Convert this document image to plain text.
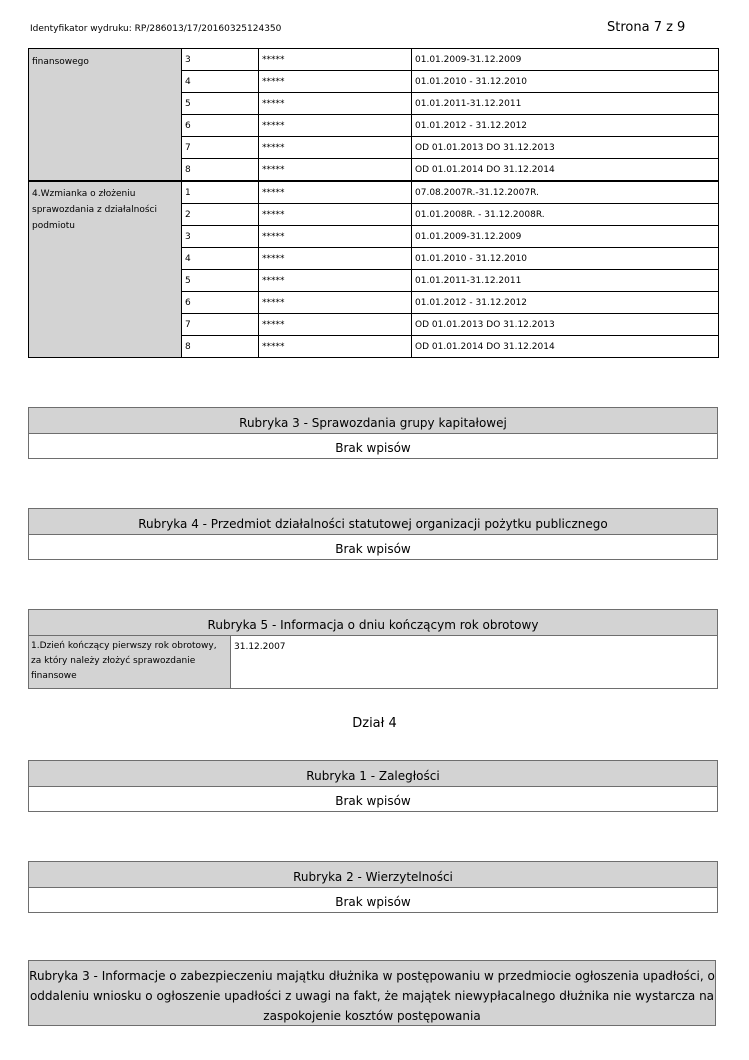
Identyfikator wydruku: RP/286013/17/20160325124350	Strona 7 z 9
finansowego	3	*****	01.01.2009-31.12.2009
	4	*****	01.01.2010 - 31.12.2010
	5	*****	01.01.2011-31.12.2011
	6	*****	01.01.2012 - 31.12.2012
	7	*****	OD 01.01.2013 DO 31.12.2013
	8	*****	OD 01.01.2014 DO 31.12.2014
4.Wzmianka o złożeniu sprawozdania z działalności podmiotu	1	*****	07.08.2007R.-31.12.2007R.
	2	*****	01.01.2008R. - 31.12.2008R.
	3	*****	01.01.2009-31.12.2009
	4	*****	01.01.2010 - 31.12.2010
	5	*****	01.01.2011-31.12.2011
	6	*****	01.01.2012 - 31.12.2012
	7	*****	OD 01.01.2013 DO 31.12.2013
	8	*****	OD 01.01.2014 DO 31.12.2014
Rubryka 3 - Sprawozdania grupy kapitałowej
Brak wpisów
Rubryka 4 - Przedmiot działalności statutowej organizacji pożytku publicznego
Brak wpisów
Rubryka 5 - Informacja o dniu kończącym rok obrotowy
1.Dzień kończący pierwszy rok obrotowy, za który należy złożyć sprawozdanie finansowe
31.12.2007
Dział 4
Rubryka 1 - Zaległości
Brak wpisów
Rubryka 2 - Wierzytelności
Brak wpisów
Rubryka 3 - Informacje o zabezpieczeniu majątku dłużnika w postępowaniu w przedmiocie ogłoszenia upadłości, o oddaleniu wniosku o ogłoszenie upadłości z uwagi na fakt, że majątek niewypłacalnego dłużnika nie wystarcza na zaspokojenie kosztów postępowania
